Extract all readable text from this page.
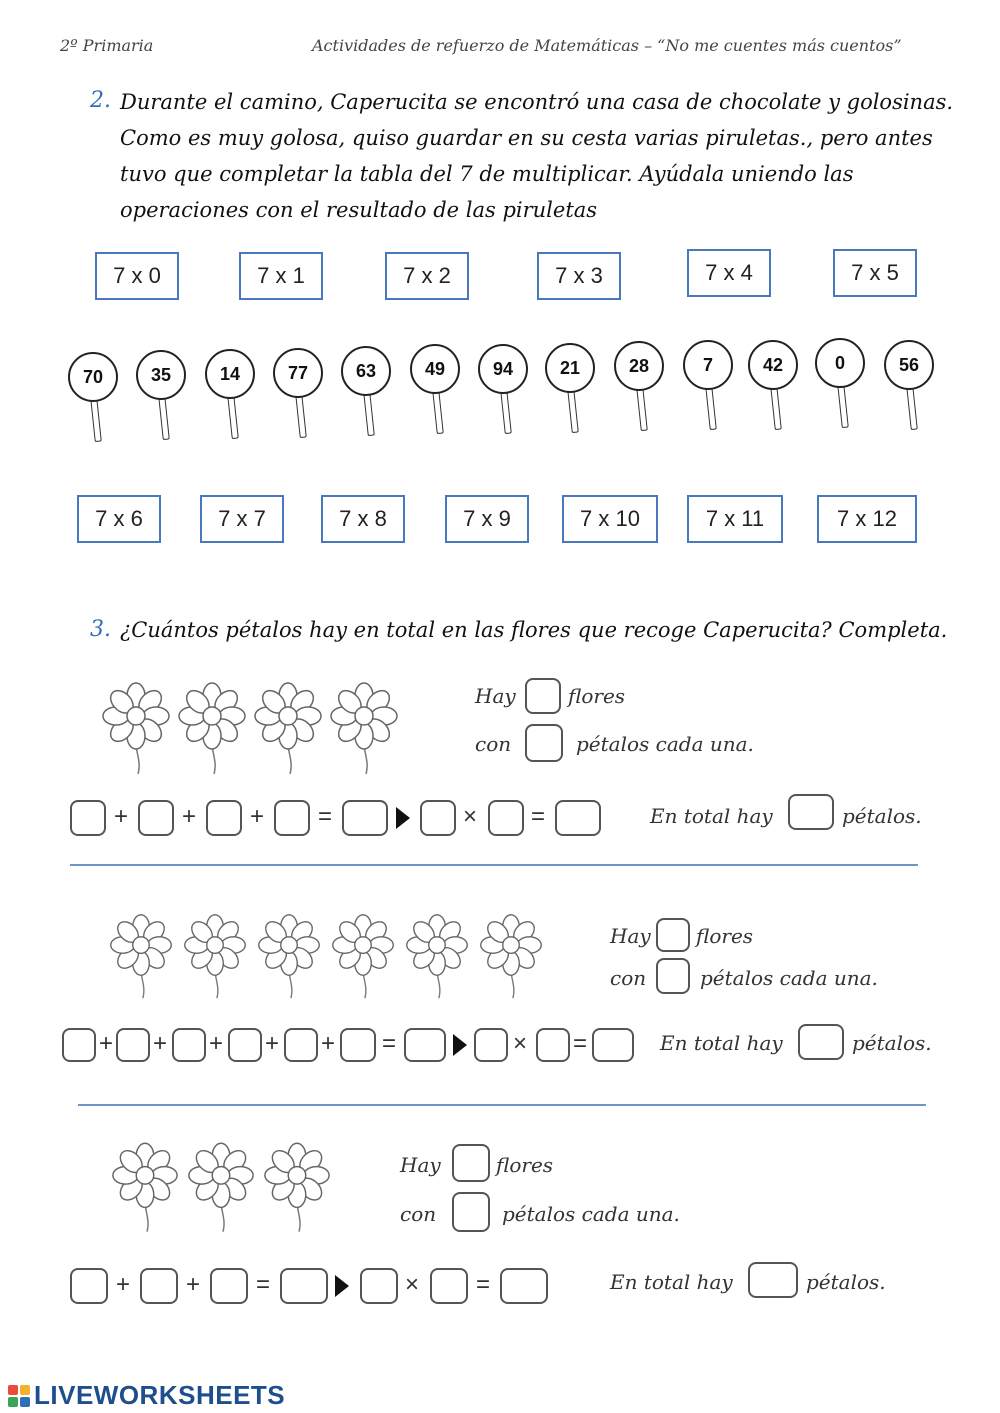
2º Primaria	Actividades de refuerzo de Matemáticas – “No me cuentes más cuentos”
2. Durante el camino, Caperucita se encontró una casa de chocolate y golosinas.
Como es muy golosa, quiso guardar en su cesta varias piruletas., pero antes
tuvo que completar la tabla del 7 de multiplicar. Ayúdala uniendo las
operaciones con el resultado de las piruletas
7 x 0	7 x 1	7 x 2	7 x 3	7 x 4	7 x 5
70	35	14	77	63	49	94	21	28	7	42	0	56
7 x 6	7 x 7	7 x 8	7 x 9	7 x 10	7 x 11	7 x 12
3. ¿Cuántos pétalos hay en total en las flores que recoge Caperucita? Completa.
Hay	flores
con	pétalos cada una.
+ + + =	× =	En total hay	pétalos.
Hay flores
con	pétalos cada una.
+ + + + + =	× =	En total hay	pétalos.
Hay	flores
con	pétalos cada una.
+ + =	× =	En total hay	pétalos.
LIVEWORKSHEETS
